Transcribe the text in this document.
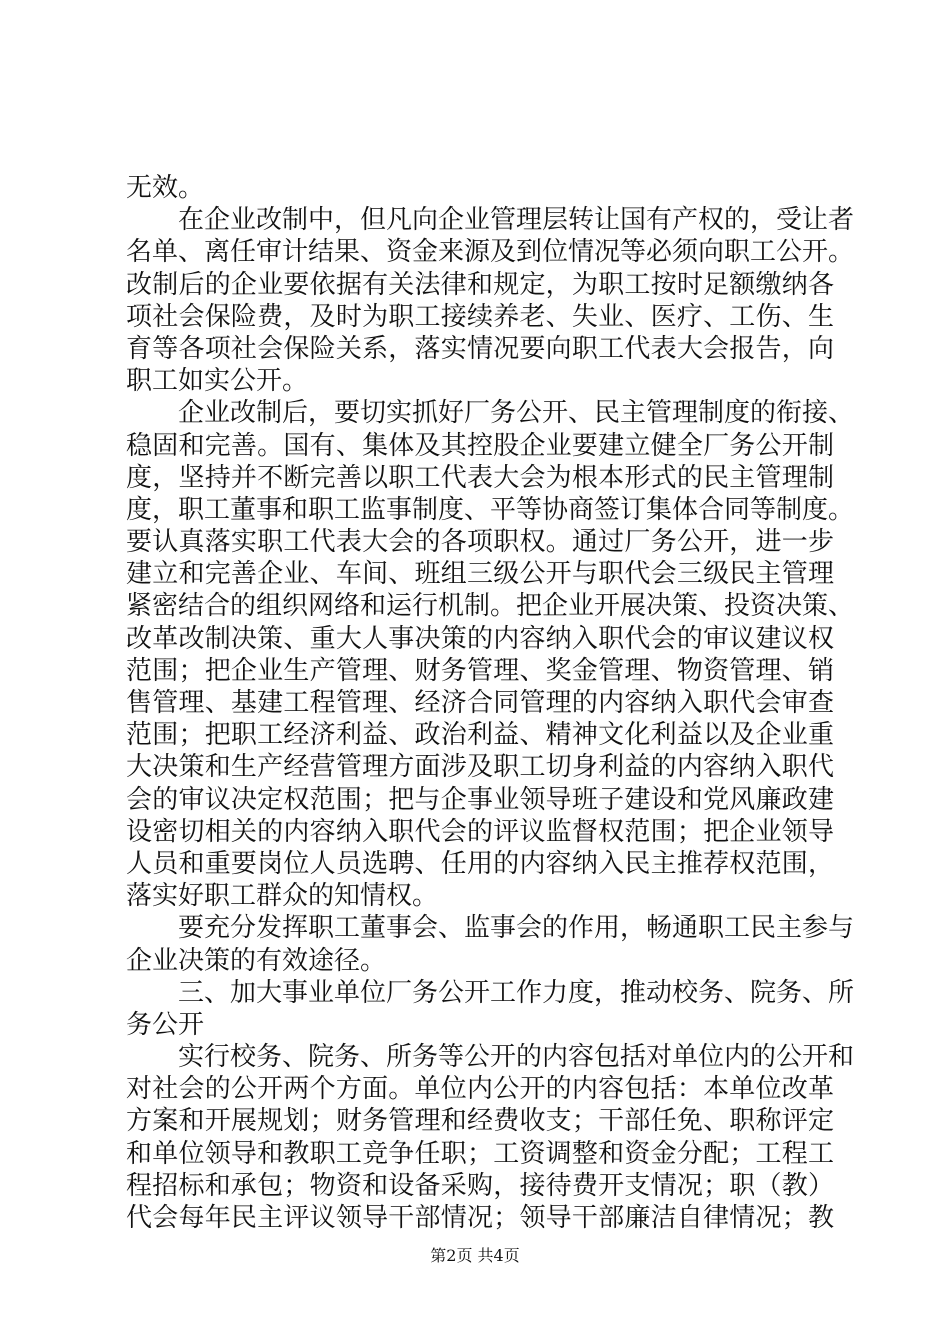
无效。
在企业改制中，但凡向企业管理层转让国有产权的，受让者
名单、离任审计结果、资金来源及到位情况等必须向职工公开。
改制后的企业要依据有关法律和规定，为职工按时足额缴纳各
项社会保险费，及时为职工接续养老、失业、医疗、工伤、生
育等各项社会保险关系，落实情况要向职工代表大会报告，向
职工如实公开。
企业改制后，要切实抓好厂务公开、民主管理制度的衔接、
稳固和完善。国有、集体及其控股企业要建立健全厂务公开制
度，坚持并不断完善以职工代表大会为根本形式的民主管理制
度，职工董事和职工监事制度、平等协商签订集体合同等制度。
要认真落实职工代表大会的各项职权。通过厂务公开，进一步
建立和完善企业、车间、班组三级公开与职代会三级民主管理
紧密结合的组织网络和运行机制。把企业开展决策、投资决策、
改革改制决策、重大人事决策的内容纳入职代会的审议建议权
范围；把企业生产管理、财务管理、奖金管理、物资管理、销
售管理、基建工程管理、经济合同管理的内容纳入职代会审查
范围；把职工经济利益、政治利益、精神文化利益以及企业重
大决策和生产经营管理方面涉及职工切身利益的内容纳入职代
会的审议决定权范围；把与企事业领导班子建设和党风廉政建
设密切相关的内容纳入职代会的评议监督权范围；把企业领导
人员和重要岗位人员选聘、任用的内容纳入民主推荐权范围，
落实好职工群众的知情权。
要充分发挥职工董事会、监事会的作用，畅通职工民主参与
企业决策的有效途径。
三、加大事业单位厂务公开工作力度，推动校务、院务、所
务公开
实行校务、院务、所务等公开的内容包括对单位内的公开和
对社会的公开两个方面。单位内公开的内容包括：本单位改革
方案和开展规划；财务管理和经费收支；干部任免、职称评定
和单位领导和教职工竞争任职；工资调整和资金分配；工程工
程招标和承包；物资和设备采购，接待费开支情况；职（教）
代会每年民主评议领导干部情况；领导干部廉洁自律情况；教
第2页 共4页
